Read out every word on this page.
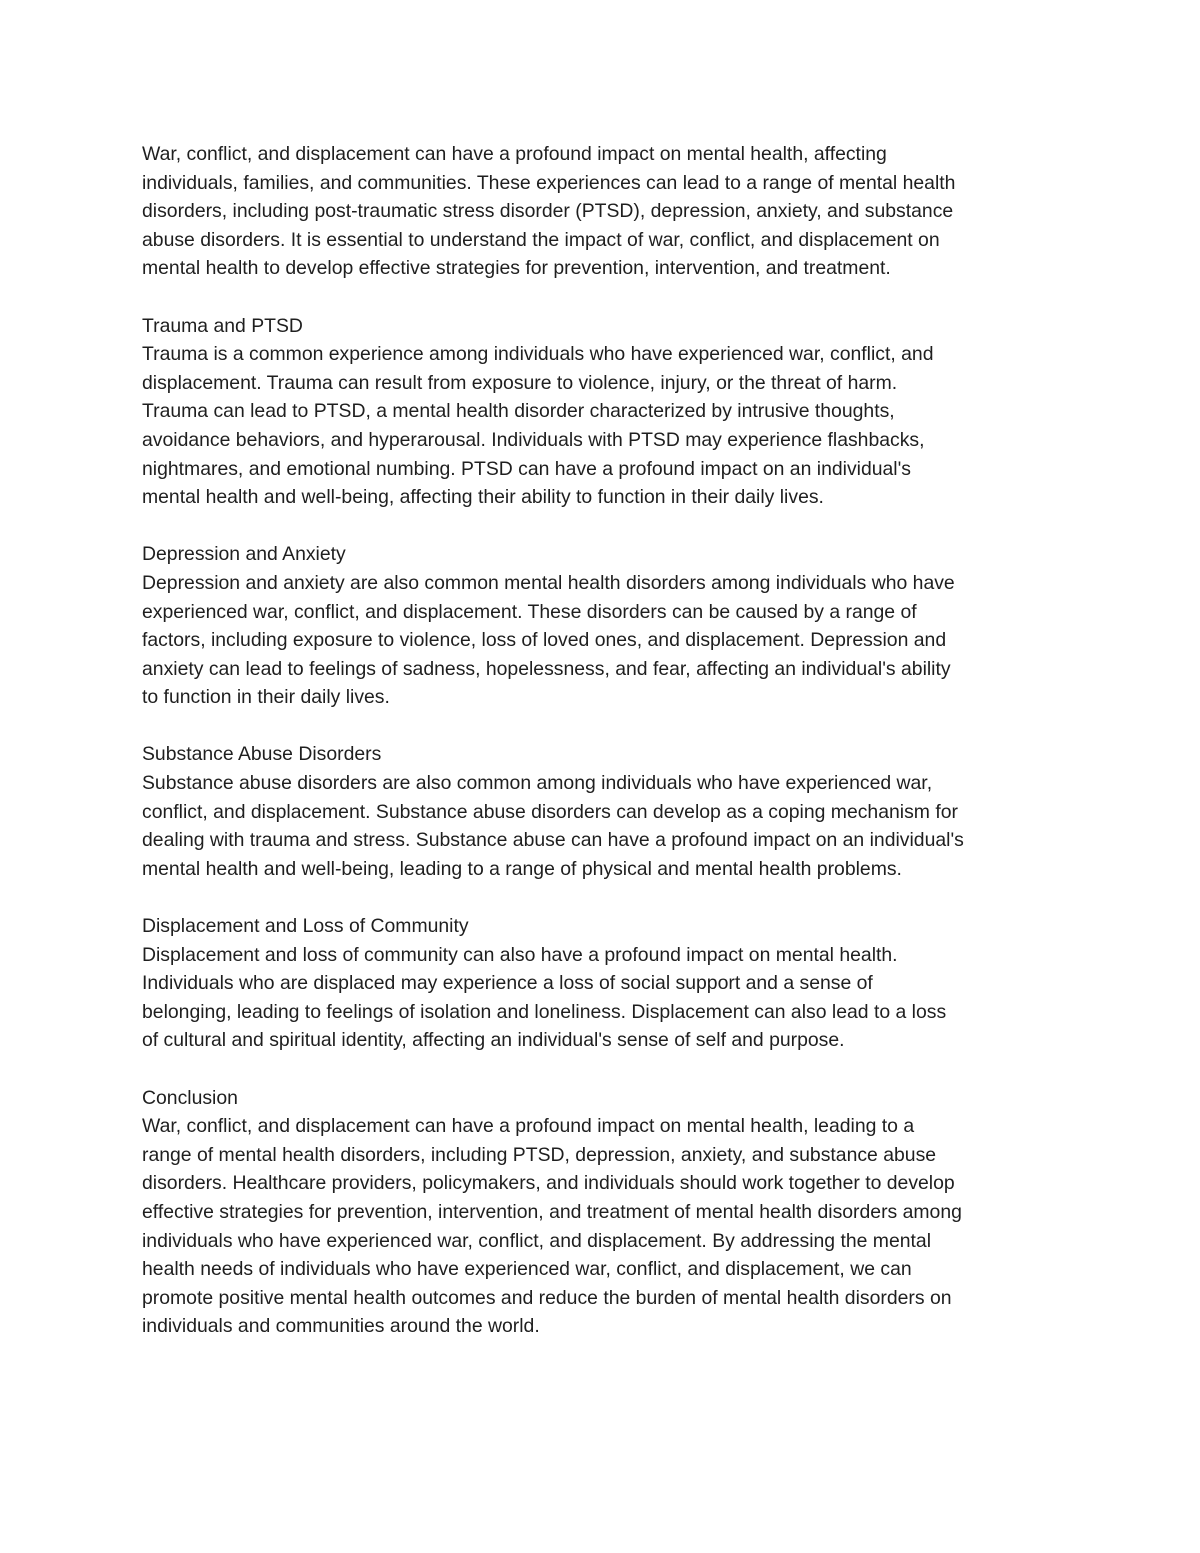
War, conflict, and displacement can have a profound impact on mental health, affecting
individuals, families, and communities. These experiences can lead to a range of mental health
disorders, including post-traumatic stress disorder (PTSD), depression, anxiety, and substance
abuse disorders. It is essential to understand the impact of war, conflict, and displacement on
mental health to develop effective strategies for prevention, intervention, and treatment.
Trauma and PTSD
Trauma is a common experience among individuals who have experienced war, conflict, and
displacement. Trauma can result from exposure to violence, injury, or the threat of harm.
Trauma can lead to PTSD, a mental health disorder characterized by intrusive thoughts,
avoidance behaviors, and hyperarousal. Individuals with PTSD may experience flashbacks,
nightmares, and emotional numbing. PTSD can have a profound impact on an individual's
mental health and well-being, affecting their ability to function in their daily lives.
Depression and Anxiety
Depression and anxiety are also common mental health disorders among individuals who have
experienced war, conflict, and displacement. These disorders can be caused by a range of
factors, including exposure to violence, loss of loved ones, and displacement. Depression and
anxiety can lead to feelings of sadness, hopelessness, and fear, affecting an individual's ability
to function in their daily lives.
Substance Abuse Disorders
Substance abuse disorders are also common among individuals who have experienced war,
conflict, and displacement. Substance abuse disorders can develop as a coping mechanism for
dealing with trauma and stress. Substance abuse can have a profound impact on an individual's
mental health and well-being, leading to a range of physical and mental health problems.
Displacement and Loss of Community
Displacement and loss of community can also have a profound impact on mental health.
Individuals who are displaced may experience a loss of social support and a sense of
belonging, leading to feelings of isolation and loneliness. Displacement can also lead to a loss
of cultural and spiritual identity, affecting an individual's sense of self and purpose.
Conclusion
War, conflict, and displacement can have a profound impact on mental health, leading to a
range of mental health disorders, including PTSD, depression, anxiety, and substance abuse
disorders. Healthcare providers, policymakers, and individuals should work together to develop
effective strategies for prevention, intervention, and treatment of mental health disorders among
individuals who have experienced war, conflict, and displacement. By addressing the mental
health needs of individuals who have experienced war, conflict, and displacement, we can
promote positive mental health outcomes and reduce the burden of mental health disorders on
individuals and communities around the world.
